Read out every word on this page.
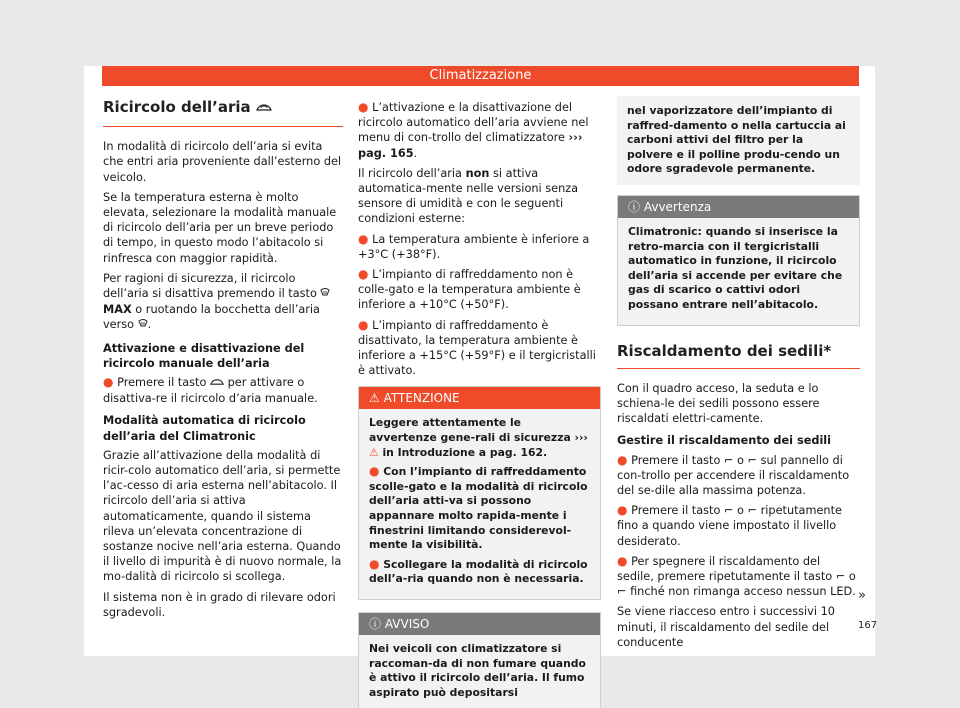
Climatizzazione
Ricircolo dell’aria

In modalità di ricircolo dell’aria si evita che entri aria proveniente dall’esterno del veicolo.

Se la temperatura esterna è molto elevata, selezionare la modalità manuale di ricircolo dell’aria per un breve periodo di tempo, in questo modo l’abitacolo si rinfresca con maggior rapidità.

Per ragioni di sicurezza, il ricircolo dell’aria si disattiva premendo il tasto  MAX o ruotando la bocchetta dell’aria verso .

Attivazione e disattivazione del ricircolo manuale dell’aria

● Premere il tasto per attivare o disattiva-re il ricircolo d’aria manuale.

Modalità automatica di ricircolo dell’aria del Climatronic

Grazie all’attivazione della modalità di ricir-colo automatico dell’aria, si permette l’ac-cesso di aria esterna nell’abitacolo. Il ricircolo dell’aria si attiva automaticamente, quando il sistema rileva un’elevata concentrazione di sostanze nocive nell’aria esterna. Quando il livello di impurità è di nuovo normale, la mo-dalità di ricircolo si scollega.

Il sistema non è in grado di rilevare odori sgradevoli.

● L’attivazione e la disattivazione del ricircolo automatico dell’aria avviene nel menu di con-trollo del climatizzatore ››› pag. 165.

Il ricircolo dell’aria non si attiva automatica-mente nelle versioni senza sensore di umidità e con le seguenti condizioni esterne:

● La temperatura ambiente è inferiore a +3°C (+38°F).

● L’impianto di raffreddamento non è colle-gato e la temperatura ambiente è inferiore a +10°C (+50°F).

● L’impianto di raffreddamento è disattivato, la temperatura ambiente è inferiore a +15°C (+59°F) e il tergicristalli è attivato.

⚠ ATTENZIONE

Leggere attentamente le avvertenze gene-rali di sicurezza ››› ⚠ in Introduzione a pag. 162.

● Con l’impianto di raffreddamento scolle-gato e la modalità di ricircolo dell’aria atti-va si possono appannare molto rapida-mente i finestrini limitando considerevol-mente la visibilità.

● Scollegare la modalità di ricircolo dell’a-ria quando non è necessaria.

ⓘ AVVISO

Nei veicoli con climatizzatore si raccoman-da di non fumare quando è attivo il ricircolo dell’aria. Il fumo aspirato può depositarsi

nel vaporizzatore dell’impianto di raffred-damento o nella cartuccia ai carboni attivi del filtro per la polvere e il polline produ-cendo un odore sgradevole permanente.
ⓘ Avvertenza

Climatronic: quando si inserisce la retro-marcia con il tergicristalli automatico in funzione, il ricircolo dell’aria si accende per evitare che gas di scarico o cattivi odori possano entrare nell’abitacolo.

Riscaldamento dei sedili*

Con il quadro acceso, la seduta e lo schiena-le dei sedili possono essere riscaldati elettri-camente.

Gestire il riscaldamento dei sedili

● Premere il tasto ⌐ o ⌐ sul pannello di con-trollo per accendere il riscaldamento del se-dile alla massima potenza.

● Premere il tasto ⌐ o ⌐ ripetutamente fino a quando viene impostato il livello desiderato.

● Per spegnere il riscaldamento del sedile, premere ripetutamente il tasto ⌐ o ⌐ finché non rimanga acceso nessun LED.

Se viene riacceso entro i successivi 10 minuti, il riscaldamento del sedile del conducente

»
167
